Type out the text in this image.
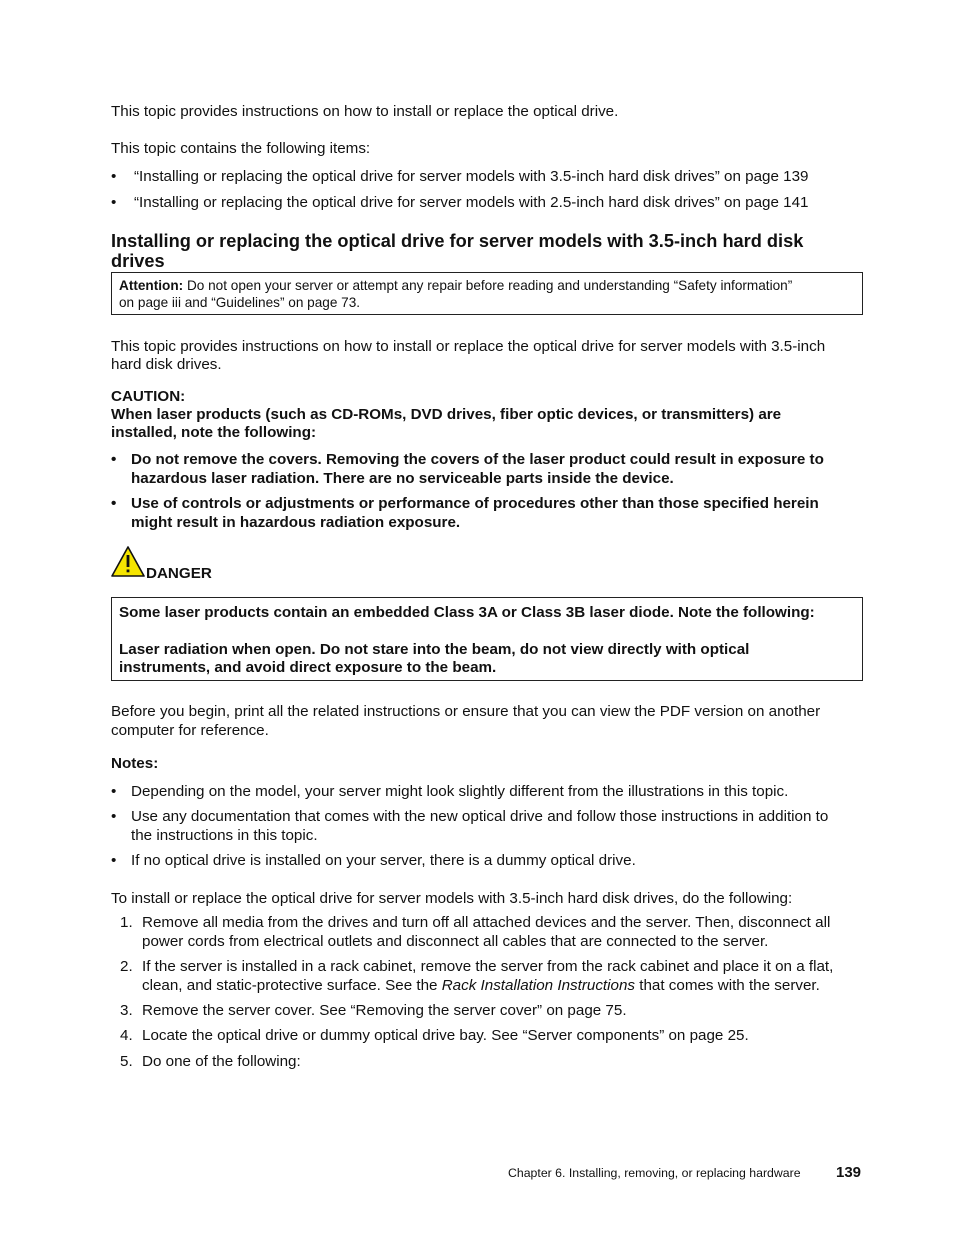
This topic provides instructions on how to install or replace the optical drive.

This topic contains the following items:

• “Installing or replacing the optical drive for server models with 3.5-inch hard disk drives” on page 139
• “Installing or replacing the optical drive for server models with 2.5-inch hard disk drives” on page 141
Installing or replacing the optical drive for server models with 3.5-inch hard disk
drives
Attention: Do not open your server or attempt any repair before reading and understanding “Safety information”
on page iii and “Guidelines” on page 73.

This topic provides instructions on how to install or replace the optical drive for server models with 3.5-inch

hard disk drives.

CAUTION:

When laser products (such as CD-ROMs, DVD drives, fiber optic devices, or transmitters) are

installed, note the following:

• Do not remove the covers. Removing the covers of the laser product could result in exposure to
hazardous laser radiation. There are no serviceable parts inside the device.
• Use of controls or adjustments or performance of procedures other than those specified herein
might result in hazardous radiation exposure.

DANGER

Some laser products contain an embedded Class 3A or Class 3B laser diode. Note the following:
Laser radiation when open. Do not stare into the beam, do not view directly with optical
instruments, and avoid direct exposure to the beam.

Before you begin, print all the related instructions or ensure that you can view the PDF version on another

computer for reference.

Notes:

• Depending on the model, your server might look slightly different from the illustrations in this topic.
• Use any documentation that comes with the new optical drive and follow those instructions in addition to
the instructions in this topic.
• If no optical drive is installed on your server, there is a dummy optical drive.

To install or replace the optical drive for server models with 3.5-inch hard disk drives, do the following:

1. Remove all media from the drives and turn off all attached devices and the server. Then, disconnect all
power cords from electrical outlets and disconnect all cables that are connected to the server.
2. If the server is installed in a rack cabinet, remove the server from the rack cabinet and place it on a flat,
clean, and static-protective surface. See the Rack Installation Instructions that comes with the server.
3. Remove the server cover. See “Removing the server cover” on page 75.
4. Locate the optical drive or dummy optical drive bay. See “Server components” on page 25.
5. Do one of the following:
Chapter 6. Installing, removing, or replacing hardware 139
